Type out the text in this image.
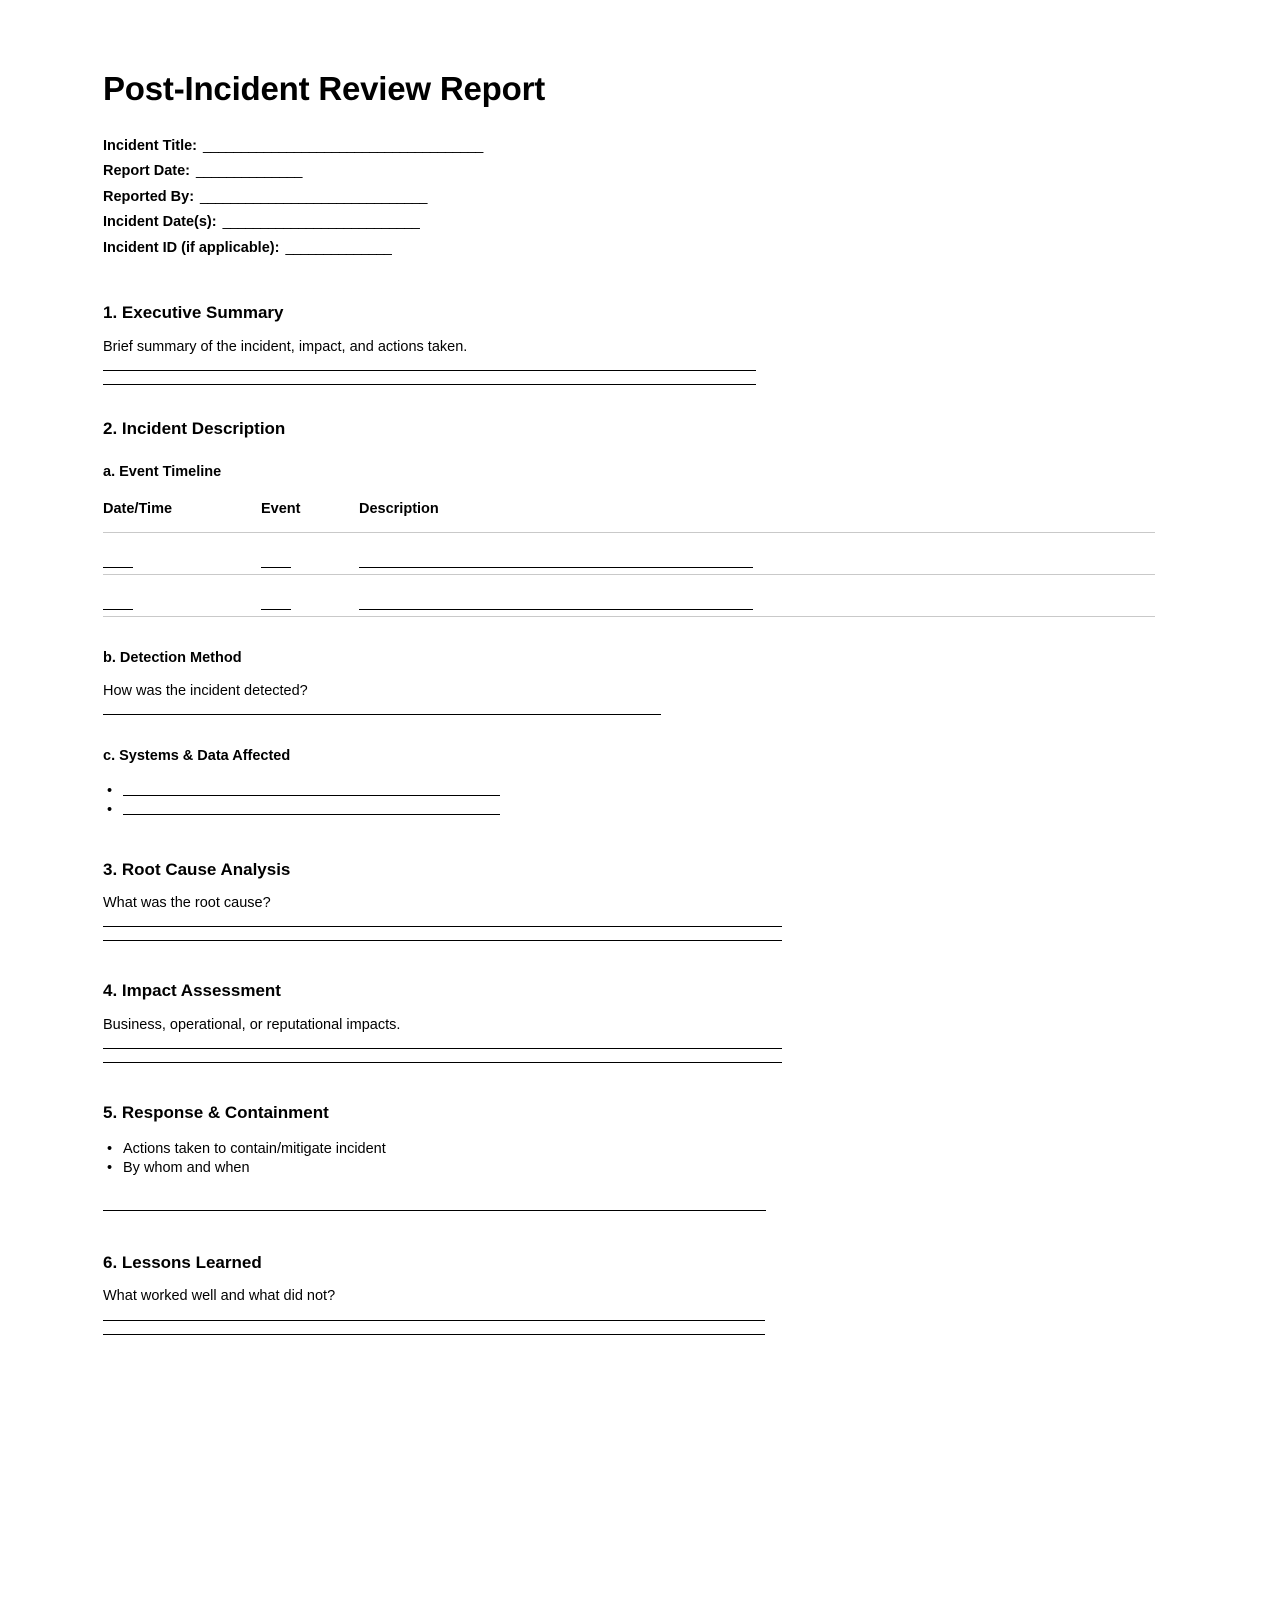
Post-Incident Review Report
Incident Title: _____________________________________
Report Date: ______________
Reported By: ______________________________
Incident Date(s): __________________________
Incident ID (if applicable): ______________
1. Executive Summary

Brief summary of the incident, impact, and actions taken.

2. Incident Description
a. Event Timeline
Date/Time	Event	Description

b. Detection Method

How was the incident detected?

c. Systems & Data Affected
•
•
3. Root Cause Analysis

What was the root cause?

4. Impact Assessment

Business, operational, or reputational impacts.

5. Response & Containment
• Actions taken to contain/mitigate incident
• By whom and when
6. Lessons Learned

What worked well and what did not?
